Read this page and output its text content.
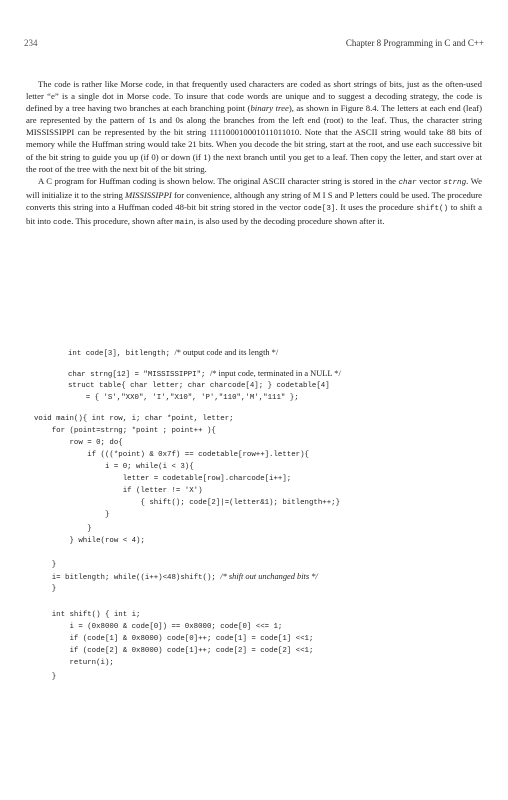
234	Chapter 8 Programming in C and C++

The code is rather like Morse code, in that frequently used characters are coded as short strings of bits, just as the often-used letter “e” is a single dot in Morse code. To insure that code words are unique and to suggest a decoding strategy, the code is defined by a tree having two branches at each branching point (binary tree), as shown in Figure 8.4. The letters at each end (leaf) are represented by the pattern of 1s and 0s along the branches from the left end (root) to the leaf. Thus, the character string MISSISSIPPI can be represented by the bit string 111100010001011011010. Note that the ASCII string would take 88 bits of memory while the Huffman string would take 21 bits. When you decode the bit string, start at the root, and use each successive bit of the bit string to guide you up (if 0) or down (if 1) the next branch until you get to a leaf. Then copy the letter, and start over at the root of the tree with the next bit of the bit string.

A C program for Huffman coding is shown below. The original ASCII character string is stored in the char vector strng. We will initialize it to the string MISSISSIPPI for convenience, although any string of M I S and P letters could be used. The procedure converts this string into a Huffman coded 48-bit bit string stored in the vector code[3]. It uses the procedure shift() to shift a bit into code. This procedure, shown after main, is also used by the decoding procedure shown after it.

int code[3], bitlength; /* output code and its length */
char strng[12] = "MISSISSIPPI"; /* input code, terminated in a NULL */
struct table{ char letter; char charcode[4]; } codetable[4]
= { 'S',"XX0", 'I',"X10", 'P',"110",'M',"111" };
void main(){ int row, i; char *point, letter;
for (point=strng; *point ; point++ ){
row = 0; do{
if (((*point) & 0x7f) == codetable[row++].letter){
i = 0; while(i < 3){
letter = codetable[row].charcode[i++];
if (letter != 'X')
{ shift(); code[2]|=(letter&1); bitlength++;}
}
}
} while(row < 4);
}
i= bitlength; while((i++)<48)shift(); /* shift out unchanged bits */
}
int shift() { int i;
i = (0x8000 & code[0]) == 0x8000; code[0] <<= 1;
if (code[1] & 0x8000) code[0]++; code[1] = code[1] <<1;
if (code[2] & 0x8000) code[1]++; code[2] = code[2] <<1;
return(i);
}
